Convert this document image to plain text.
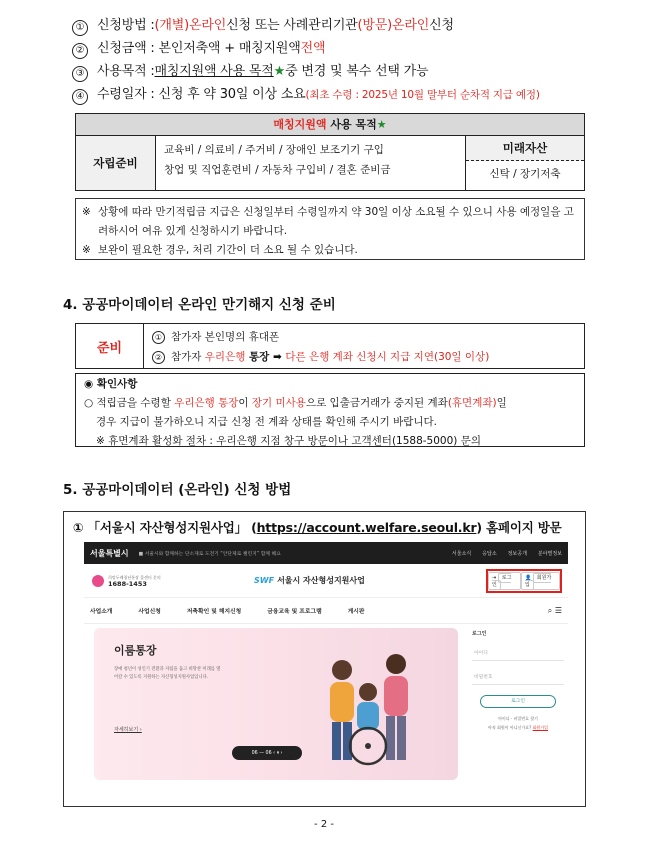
① 신청방법 : (개별)온라인 신청 또는 사례관리기관 (방문)온라인 신청
② 신청금액 : 본인저축액 + 매칭지원액 전액
③ 사용목적 : 매칭지원액 사용 목적 ★ 중 변경 및 복수 선택 가능
④ 수령일자 : 신청 후 약 30일 이상 소요 (최초 수령 : 2025년 10월 말부터 순차적 지급 예정)
매칭지원액 사용 목적★
자립준비
교육비 / 의료비 / 주거비 / 장애인 보조기기 구입
창업 및 직업훈련비 / 자동차 구입비 / 결혼 준비금
미래자산
신탁 / 장기저축
※ 상황에 따라 만기적립금 지급은 신청일부터 수령일까지 약 30일 이상 소요될 수 있으니 사용 예정일을 고려하시어 여유 있게 신청하시기 바랍니다.
※ 보완이 필요한 경우, 처리 기간이 더 소요 될 수 있습니다.
4. 공공마이데이터 온라인 만기해지 신청 준비
준비
① 참가자 본인명의 휴대폰
② 참가자 우리은행 통장 ➡ 다른 은행 계좌 신청시 지급 지연(30일 이상)
◉ 확인사항
○ 적립금을 수령할 우리은행 통장이 장기 미사용으로 입출금거래가 중지된 계좌(휴면계좌)일
경우 지급이 불가하오니 지급 신청 전 계좌 상태를 확인해 주시기 바랍니다.
※ 휴면계좌 활성화 절차 : 우리은행 지점 창구 방문이나 고객센터(1588-5000) 문의
5. 공공마이데이터 (온라인) 신청 방법
① 「서울시 자산형성지원사업」 (https://account.welfare.seoul.kr) 홈페이지 방문
서울특별시 ■ 서울시와 함께하는 단소제로 도전기 “안단제로 챌린지” 함께 해요	서울소식 응답소 정보공개 분야별정보
희망두배청년통장 콜센터 문의
1688-1453	SWF 서울시 자산형성지원사업	⇥ 로그인
👤 회원가입
사업소개	사업신청	저축확인 및 해지신청	금융교육 및 프로그램	게시판	⌕ ☰
이룸통장
장애 청년이 성인기 전환과 자립을 돕고 희망찬 미래를 열어갈 수 있도록 지원하는 자산형성지원사업입니다.
자세히보기 ›
06 — 06 ‹ ⏸ ›
로그인
아이디
비밀번호
로그인
아이디 · 비밀번호 찾기
아직 회원이 아니신가요? 회원가입
- 2 -
